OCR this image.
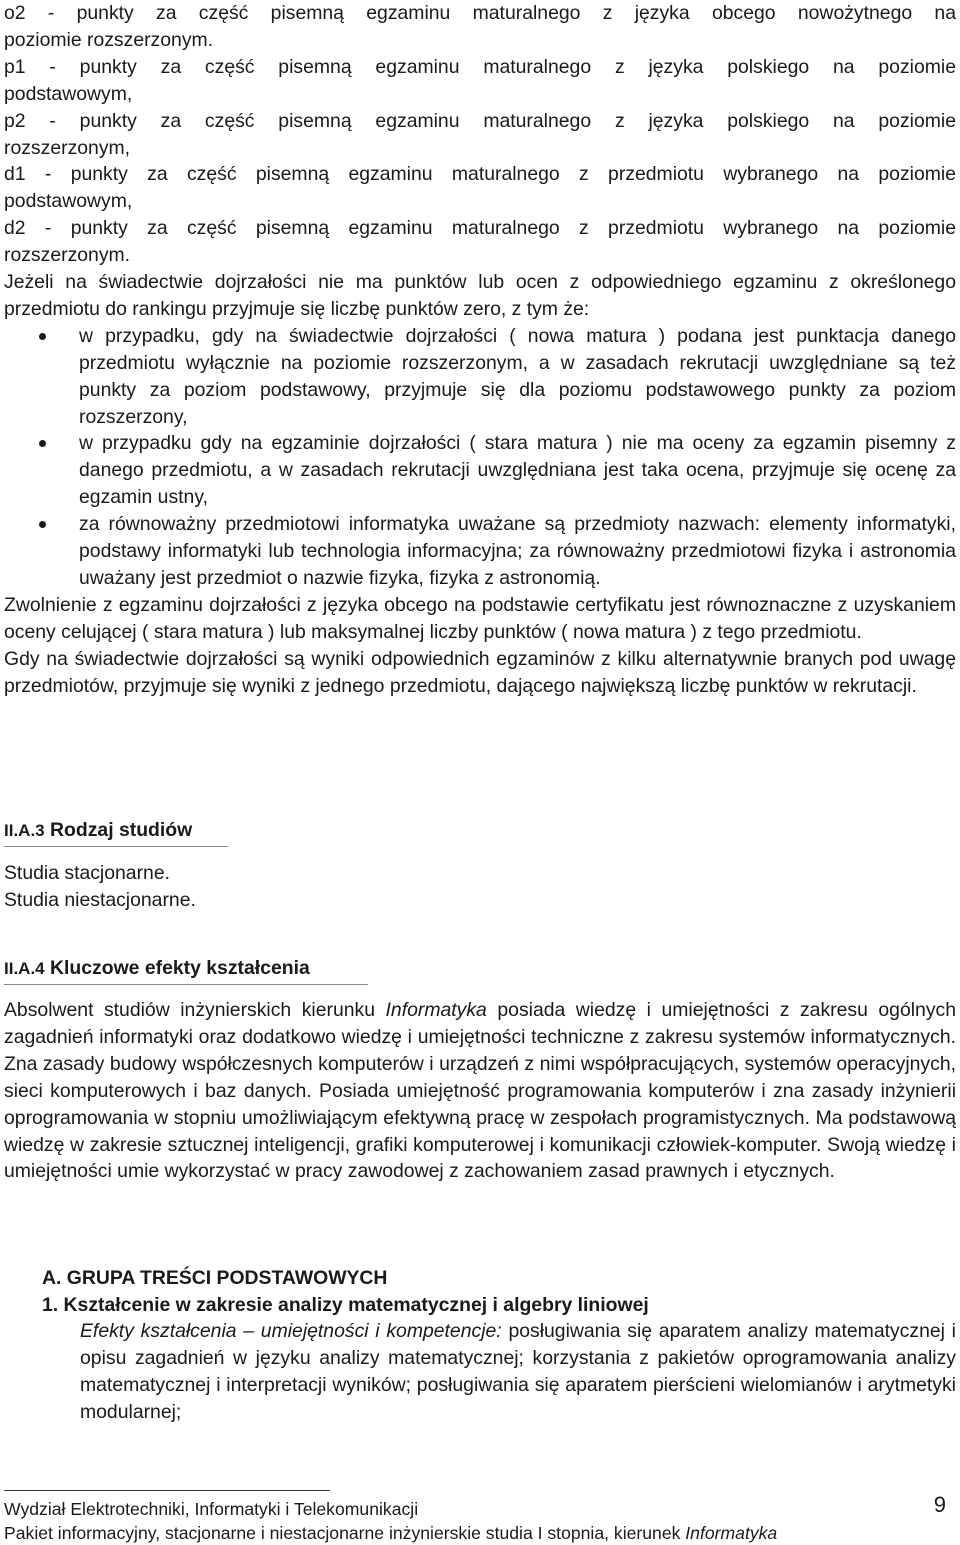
o2 - punkty za część pisemną egzaminu maturalnego z języka obcego nowożytnego na

poziomie rozszerzonym.

p1 - punkty za część pisemną egzaminu maturalnego z języka polskiego na poziomie

podstawowym,

p2 - punkty za część pisemną egzaminu maturalnego z języka polskiego na poziomie

rozszerzonym,

d1 - punkty za część pisemną egzaminu maturalnego z przedmiotu wybranego na poziomie

podstawowym,

d2 - punkty za część pisemną egzaminu maturalnego z przedmiotu wybranego na poziomie

rozszerzonym.

Jeżeli na świadectwie dojrzałości nie ma punktów lub ocen z odpowiedniego egzaminu z określonego przedmiotu do rankingu przyjmuje się liczbę punktów zero, z tym że:

w przypadku, gdy na świadectwie dojrzałości ( nowa matura ) podana jest punktacja danego przedmiotu wyłącznie na poziomie rozszerzonym, a w zasadach rekrutacji uwzględniane są też punkty za poziom podstawowy, przyjmuje się dla poziomu podstawowego punkty za poziom rozszerzony,
w przypadku gdy na egzaminie dojrzałości ( stara matura ) nie ma oceny za egzamin pisemny z danego przedmiotu, a w zasadach rekrutacji uwzględniana jest taka ocena, przyjmuje się ocenę za egzamin ustny,
za równoważny przedmiotowi informatyka uważane są przedmioty nazwach: elementy informatyki, podstawy informatyki lub technologia informacyjna; za równoważny przedmiotowi fizyka i astronomia uważany jest przedmiot o nazwie fizyka, fizyka z astronomią.

Zwolnienie z egzaminu dojrzałości z języka obcego na podstawie certyfikatu jest równoznaczne z uzyskaniem oceny celującej ( stara matura ) lub maksymalnej liczby punktów ( nowa matura ) z tego przedmiotu.

Gdy na świadectwie dojrzałości są wyniki odpowiednich egzaminów z kilku alternatywnie branych pod uwagę przedmiotów, przyjmuje się wyniki z jednego przedmiotu, dającego największą liczbę punktów w rekrutacji.

II.A.3 Rodzaj studiów

Studia stacjonarne.

Studia niestacjonarne.

II.A.4 Kluczowe efekty kształcenia

Absolwent studiów inżynierskich kierunku Informatyka posiada wiedzę i umiejętności z zakresu ogólnych zagadnień informatyki oraz dodatkowo wiedzę i umiejętności techniczne z zakresu systemów informatycznych. Zna zasady budowy współczesnych komputerów i urządzeń z nimi współpracujących, systemów operacyjnych, sieci komputerowych i baz danych. Posiada umiejętność programowania komputerów i zna zasady inżynierii oprogramowania w stopniu umożliwiającym efektywną pracę w zespołach programistycznych. Ma podstawową wiedzę w zakresie sztucznej inteligencji, grafiki komputerowej i komunikacji człowiek-komputer. Swoją wiedzę i umiejętności umie wykorzystać w pracy zawodowej z zachowaniem zasad prawnych i etycznych.

A. GRUPA TREŚCI PODSTAWOWYCH
1. Kształcenie w zakresie analizy matematycznej i algebry liniowej

Efekty kształcenia – umiejętności i kompetencje: posługiwania się aparatem analizy matematycznej i opisu zagadnień w języku analizy matematycznej; korzystania z pakietów oprogramowania analizy matematycznej i interpretacji wyników; posługiwania się aparatem pierścieni wielomianów i arytmetyki modularnej;

Wydział Elektrotechniki, Informatyki i Telekomunikacji	9
Pakiet informacyjny, stacjonarne i niestacjonarne inżynierskie studia I stopnia, kierunek Informatyka
